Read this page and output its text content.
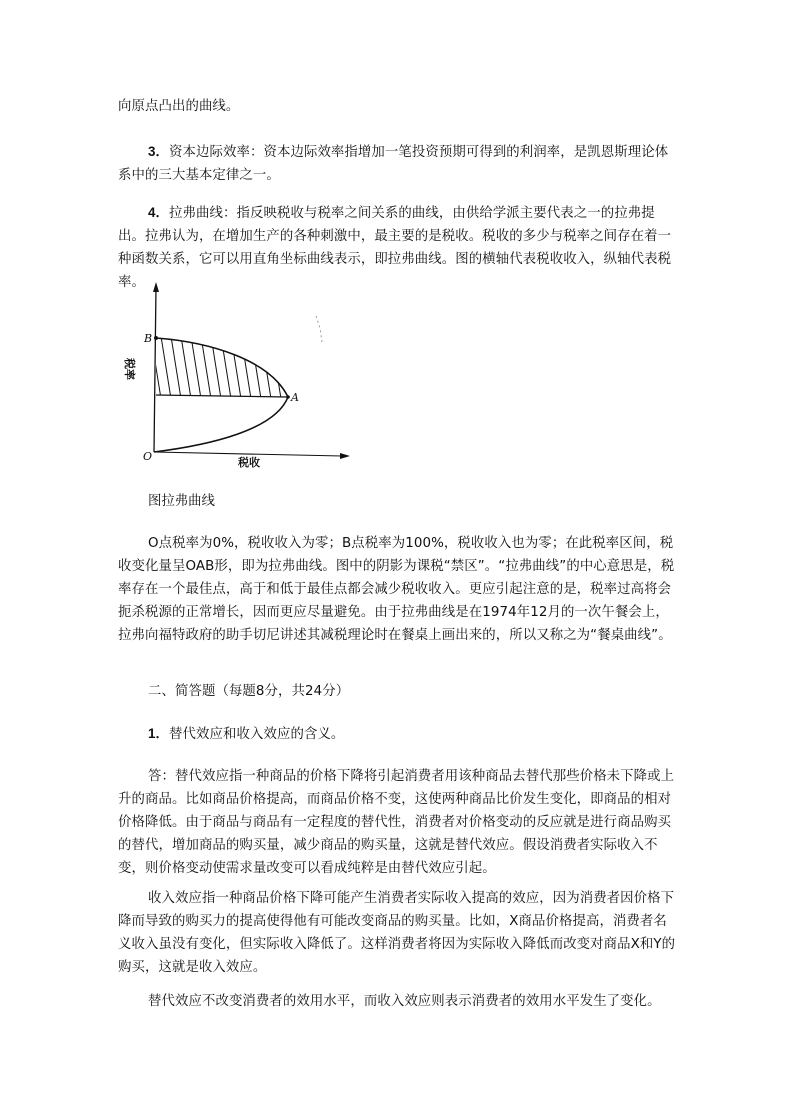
向原点凸出的曲线。

3．资本边际效率：资本边际效率指增加一笔投资预期可得到的利润率，是凯恩斯理论体系中的三大基本定律之一。

4．拉弗曲线：指反映税收与税率之间关系的曲线，由供给学派主要代表之一的拉弗提出。拉弗认为，在增加生产的各种刺激中，最主要的是税收。税收的多少与税率之间存在着一种函数关系，它可以用直角坐标曲线表示，即拉弗曲线。图的横轴代表税收收入，纵轴代表税率。

B
A
O	税收
税率
图拉弗曲线

O点税率为0%，税收收入为零；B点税率为100%，税收收入也为零；在此税率区间，税收变化量呈OAB形，即为拉弗曲线。图中的阴影为课税“禁区”。“拉弗曲线”的中心意思是，税率存在一个最佳点，高于和低于最佳点都会减少税收收入。更应引起注意的是，税率过高将会扼杀税源的正常增长，因而更应尽量避免。由于拉弗曲线是在1974年12月的一次午餐会上，拉弗向福特政府的助手切尼讲述其减税理论时在餐桌上画出来的，所以又称之为“餐桌曲线”。

二、简答题（每题8分，共24分）

1．替代效应和收入效应的含义。

答：替代效应指一种商品的价格下降将引起消费者用该种商品去替代那些价格未下降或上升的商品。比如商品价格提高，而商品价格不变，这使两种商品比价发生变化，即商品的相对价格降低。由于商品与商品有一定程度的替代性，消费者对价格变动的反应就是进行商品购买的替代，增加商品的购买量，减少商品的购买量，这就是替代效应。假设消费者实际收入不变，则价格变动使需求量改变可以看成纯粹是由替代效应引起。

收入效应指一种商品价格下降可能产生消费者实际收入提高的效应，因为消费者因价格下降而导致的购买力的提高使得他有可能改变商品的购买量。比如，X商品价格提高，消费者名义收入虽没有变化，但实际收入降低了。这样消费者将因为实际收入降低而改变对商品X和Y的购买，这就是收入效应。

替代效应不改变消费者的效用水平，而收入效应则表示消费者的效用水平发生了变化。
